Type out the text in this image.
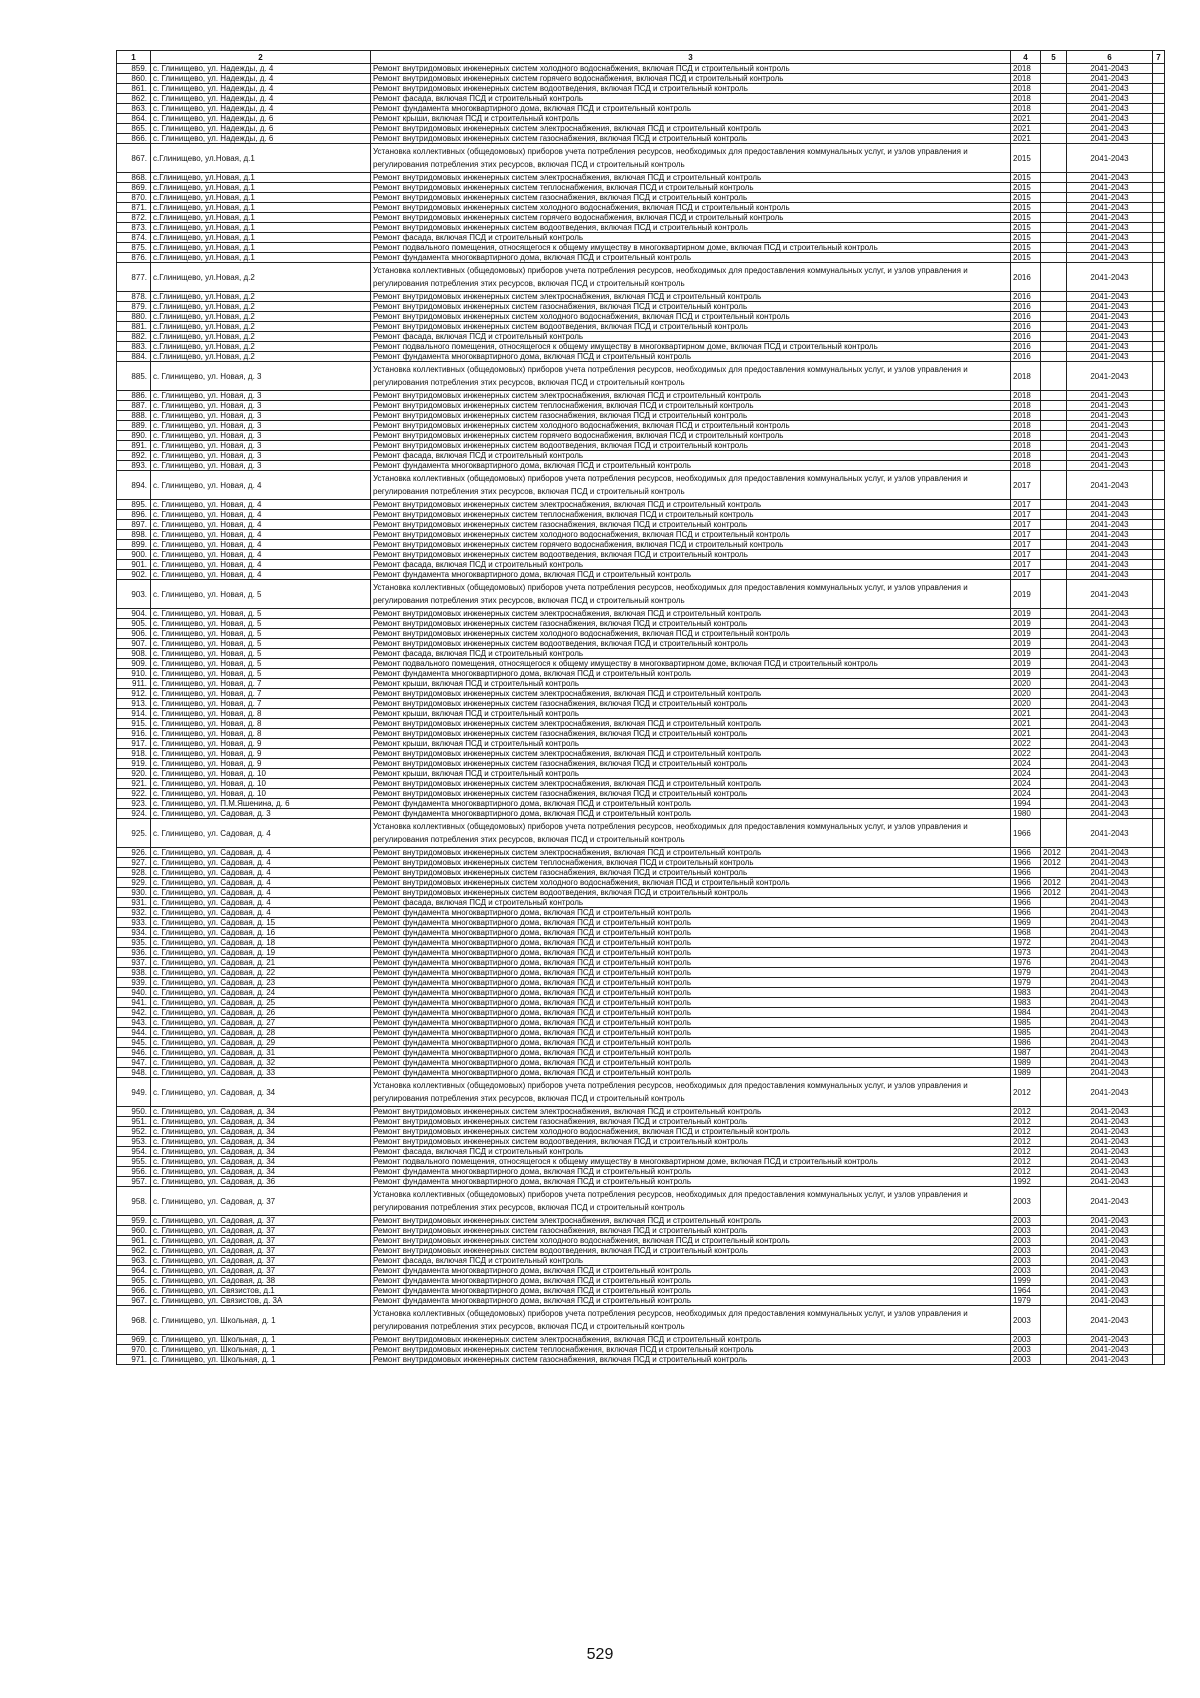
1	2	3	4	5	6	7
859.	с. Глинищево, ул. Надежды, д. 4	Ремонт внутридомовых инженерных систем холодного водоснабжения, включая ПСД и строительный контроль	2018		2041-2043	
860.	с. Глинищево, ул. Надежды, д. 4	Ремонт внутридомовых инженерных систем горячего водоснабжения, включая ПСД и строительный контроль	2018		2041-2043	
861.	с. Глинищево, ул. Надежды, д. 4	Ремонт внутридомовых инженерных систем водоотведения, включая ПСД и строительный контроль	2018		2041-2043	
862.	с. Глинищево, ул. Надежды, д. 4	Ремонт фасада, включая ПСД и строительный контроль	2018		2041-2043	
863.	с. Глинищево, ул. Надежды, д. 4	Ремонт фундамента многоквартирного дома, включая ПСД и строительный контроль	2018		2041-2043	
864.	с. Глинищево, ул. Надежды, д. 6	Ремонт крыши, включая ПСД и строительный контроль	2021		2041-2043	
865.	с. Глинищево, ул. Надежды, д. 6	Ремонт внутридомовых инженерных систем электроснабжения, включая ПСД и строительный контроль	2021		2041-2043	
866.	с. Глинищево, ул. Надежды, д. 6	Ремонт внутридомовых инженерных систем газоснабжения, включая ПСД и строительный контроль	2021		2041-2043	
867.	с.Глинищево, ул.Новая, д.1	Установка коллективных (общедомовых) приборов учета потребления ресурсов, необходимых для предоставления коммунальных услуг, и узлов управления и регулирования потребления этих ресурсов, включая ПСД и строительный контроль	2015		2041-2043	
868.	с.Глинищево, ул.Новая, д.1	Ремонт внутридомовых инженерных систем электроснабжения, включая ПСД и строительный контроль	2015		2041-2043	
869.	с.Глинищево, ул.Новая, д.1	Ремонт внутридомовых инженерных систем теплоснабжения, включая ПСД и строительный контроль	2015		2041-2043	
870.	с.Глинищево, ул.Новая, д.1	Ремонт внутридомовых инженерных систем газоснабжения, включая ПСД и строительный контроль	2015		2041-2043	
871.	с.Глинищево, ул.Новая, д.1	Ремонт внутридомовых инженерных систем холодного водоснабжения, включая ПСД и строительный контроль	2015		2041-2043	
872.	с.Глинищево, ул.Новая, д.1	Ремонт внутридомовых инженерных систем горячего водоснабжения, включая ПСД и строительный контроль	2015		2041-2043	
873.	с.Глинищево, ул.Новая, д.1	Ремонт внутридомовых инженерных систем водоотведения, включая ПСД и строительный контроль	2015		2041-2043	
874.	с.Глинищево, ул.Новая, д.1	Ремонт фасада, включая ПСД и строительный контроль	2015		2041-2043	
875.	с.Глинищево, ул.Новая, д.1	Ремонт подвального помещения, относящегося к общему имуществу в многоквартирном доме, включая ПСД и строительный контроль	2015		2041-2043	
876.	с.Глинищево, ул.Новая, д.1	Ремонт фундамента многоквартирного дома, включая ПСД и строительный контроль	2015		2041-2043	
877.	с.Глинищево, ул.Новая, д.2	Установка коллективных (общедомовых) приборов учета потребления ресурсов, необходимых для предоставления коммунальных услуг, и узлов управления и регулирования потребления этих ресурсов, включая ПСД и строительный контроль	2016		2041-2043	
878.	с.Глинищево, ул.Новая, д.2	Ремонт внутридомовых инженерных систем электроснабжения, включая ПСД и строительный контроль	2016		2041-2043	
879.	с.Глинищево, ул.Новая, д.2	Ремонт внутридомовых инженерных систем газоснабжения, включая ПСД и строительный контроль	2016		2041-2043	
880.	с.Глинищево, ул.Новая, д.2	Ремонт внутридомовых инженерных систем холодного водоснабжения, включая ПСД и строительный контроль	2016		2041-2043	
881.	с.Глинищево, ул.Новая, д.2	Ремонт внутридомовых инженерных систем водоотведения, включая ПСД и строительный контроль	2016		2041-2043	
882.	с.Глинищево, ул.Новая, д.2	Ремонт фасада, включая ПСД и строительный контроль	2016		2041-2043	
883.	с.Глинищево, ул.Новая, д.2	Ремонт подвального помещения, относящегося к общему имуществу в многоквартирном доме, включая ПСД и строительный контроль	2016		2041-2043	
884.	с.Глинищево, ул.Новая, д.2	Ремонт фундамента многоквартирного дома, включая ПСД и строительный контроль	2016		2041-2043	
885.	с. Глинищево, ул. Новая, д. 3	Установка коллективных (общедомовых) приборов учета потребления ресурсов, необходимых для предоставления коммунальных услуг, и узлов управления и регулирования потребления этих ресурсов, включая ПСД и строительный контроль	2018		2041-2043	
886.	с. Глинищево, ул. Новая, д. 3	Ремонт внутридомовых инженерных систем электроснабжения, включая ПСД и строительный контроль	2018		2041-2043	
887.	с. Глинищево, ул. Новая, д. 3	Ремонт внутридомовых инженерных систем теплоснабжения, включая ПСД и строительный контроль	2018		2041-2043	
888.	с. Глинищево, ул. Новая, д. 3	Ремонт внутридомовых инженерных систем газоснабжения, включая ПСД и строительный контроль	2018		2041-2043	
889.	с. Глинищево, ул. Новая, д. 3	Ремонт внутридомовых инженерных систем холодного водоснабжения, включая ПСД и строительный контроль	2018		2041-2043	
890.	с. Глинищево, ул. Новая, д. 3	Ремонт внутридомовых инженерных систем горячего водоснабжения, включая ПСД и строительный контроль	2018		2041-2043	
891.	с. Глинищево, ул. Новая, д. 3	Ремонт внутридомовых инженерных систем водоотведения, включая ПСД и строительный контроль	2018		2041-2043	
892.	с. Глинищево, ул. Новая, д. 3	Ремонт фасада, включая ПСД и строительный контроль	2018		2041-2043	
893.	с. Глинищево, ул. Новая, д. 3	Ремонт фундамента многоквартирного дома, включая ПСД и строительный контроль	2018		2041-2043	
894.	с. Глинищево, ул. Новая, д. 4	Установка коллективных (общедомовых) приборов учета потребления ресурсов, необходимых для предоставления коммунальных услуг, и узлов управления и регулирования потребления этих ресурсов, включая ПСД и строительный контроль	2017		2041-2043	
895.	с. Глинищево, ул. Новая, д. 4	Ремонт внутридомовых инженерных систем электроснабжения, включая ПСД и строительный контроль	2017		2041-2043	
896.	с. Глинищево, ул. Новая, д. 4	Ремонт внутридомовых инженерных систем теплоснабжения, включая ПСД и строительный контроль	2017		2041-2043	
897.	с. Глинищево, ул. Новая, д. 4	Ремонт внутридомовых инженерных систем газоснабжения, включая ПСД и строительный контроль	2017		2041-2043	
898.	с. Глинищево, ул. Новая, д. 4	Ремонт внутридомовых инженерных систем холодного водоснабжения, включая ПСД и строительный контроль	2017		2041-2043	
899.	с. Глинищево, ул. Новая, д. 4	Ремонт внутридомовых инженерных систем горячего водоснабжения, включая ПСД и строительный контроль	2017		2041-2043	
900.	с. Глинищево, ул. Новая, д. 4	Ремонт внутридомовых инженерных систем водоотведения, включая ПСД и строительный контроль	2017		2041-2043	
901.	с. Глинищево, ул. Новая, д. 4	Ремонт фасада, включая ПСД и строительный контроль	2017		2041-2043	
902.	с. Глинищево, ул. Новая, д. 4	Ремонт фундамента многоквартирного дома, включая ПСД и строительный контроль	2017		2041-2043	
903.	с. Глинищево, ул. Новая, д. 5	Установка коллективных (общедомовых) приборов учета потребления ресурсов, необходимых для предоставления коммунальных услуг, и узлов управления и регулирования потребления этих ресурсов, включая ПСД и строительный контроль	2019		2041-2043	
904.	с. Глинищево, ул. Новая, д. 5	Ремонт внутридомовых инженерных систем электроснабжения, включая ПСД и строительный контроль	2019		2041-2043	
905.	с. Глинищево, ул. Новая, д. 5	Ремонт внутридомовых инженерных систем газоснабжения, включая ПСД и строительный контроль	2019		2041-2043	
906.	с. Глинищево, ул. Новая, д. 5	Ремонт внутридомовых инженерных систем холодного водоснабжения, включая ПСД и строительный контроль	2019		2041-2043	
907.	с. Глинищево, ул. Новая, д. 5	Ремонт внутридомовых инженерных систем водоотведения, включая ПСД и строительный контроль	2019		2041-2043	
908.	с. Глинищево, ул. Новая, д. 5	Ремонт фасада, включая ПСД и строительный контроль	2019		2041-2043	
909.	с. Глинищево, ул. Новая, д. 5	Ремонт подвального помещения, относящегося к общему имуществу в многоквартирном доме, включая ПСД и строительный контроль	2019		2041-2043	
910.	с. Глинищево, ул. Новая, д. 5	Ремонт фундамента многоквартирного дома, включая ПСД и строительный контроль	2019		2041-2043	
911.	с. Глинищево, ул. Новая, д. 7	Ремонт крыши, включая ПСД и строительный контроль	2020		2041-2043	
912.	с. Глинищево, ул. Новая, д. 7	Ремонт внутридомовых инженерных систем электроснабжения, включая ПСД и строительный контроль	2020		2041-2043	
913.	с. Глинищево, ул. Новая, д. 7	Ремонт внутридомовых инженерных систем газоснабжения, включая ПСД и строительный контроль	2020		2041-2043	
914.	с. Глинищево, ул. Новая, д. 8	Ремонт крыши, включая ПСД и строительный контроль	2021		2041-2043	
915.	с. Глинищево, ул. Новая, д. 8	Ремонт внутридомовых инженерных систем электроснабжения, включая ПСД и строительный контроль	2021		2041-2043	
916.	с. Глинищево, ул. Новая, д. 8	Ремонт внутридомовых инженерных систем газоснабжения, включая ПСД и строительный контроль	2021		2041-2043	
917.	с. Глинищево, ул. Новая, д. 9	Ремонт крыши, включая ПСД и строительный контроль	2022		2041-2043	
918.	с. Глинищево, ул. Новая, д. 9	Ремонт внутридомовых инженерных систем электроснабжения, включая ПСД и строительный контроль	2022		2041-2043	
919.	с. Глинищево, ул. Новая, д. 9	Ремонт внутридомовых инженерных систем газоснабжения, включая ПСД и строительный контроль	2024		2041-2043	
920.	с. Глинищево, ул. Новая, д. 10	Ремонт крыши, включая ПСД и строительный контроль	2024		2041-2043	
921.	с. Глинищево, ул. Новая, д. 10	Ремонт внутридомовых инженерных систем электроснабжения, включая ПСД и строительный контроль	2024		2041-2043	
922.	с. Глинищево, ул. Новая, д. 10	Ремонт внутридомовых инженерных систем газоснабжения, включая ПСД и строительный контроль	2024		2041-2043	
923.	с. Глинищево, ул. П.М.Яшенина, д. 6	Ремонт фундамента многоквартирного дома, включая ПСД и строительный контроль	1994		2041-2043	
924.	с. Глинищево, ул. Садовая, д. 3	Ремонт фундамента многоквартирного дома, включая ПСД и строительный контроль	1980		2041-2043	
925.	с. Глинищево, ул. Садовая, д. 4	Установка коллективных (общедомовых) приборов учета потребления ресурсов, необходимых для предоставления коммунальных услуг, и узлов управления и регулирования потребления этих ресурсов, включая ПСД и строительный контроль	1966		2041-2043	
926.	с. Глинищево, ул. Садовая, д. 4	Ремонт внутридомовых инженерных систем электроснабжения, включая ПСД и строительный контроль	1966	2012	2041-2043	
927.	с. Глинищево, ул. Садовая, д. 4	Ремонт внутридомовых инженерных систем теплоснабжения, включая ПСД и строительный контроль	1966	2012	2041-2043	
928.	с. Глинищево, ул. Садовая, д. 4	Ремонт внутридомовых инженерных систем газоснабжения, включая ПСД и строительный контроль	1966		2041-2043	
929.	с. Глинищево, ул. Садовая, д. 4	Ремонт внутридомовых инженерных систем холодного водоснабжения, включая ПСД и строительный контроль	1966	2012	2041-2043	
930.	с. Глинищево, ул. Садовая, д. 4	Ремонт внутридомовых инженерных систем водоотведения, включая ПСД и строительный контроль	1966	2012	2041-2043	
931.	с. Глинищево, ул. Садовая, д. 4	Ремонт фасада, включая ПСД и строительный контроль	1966		2041-2043	
932.	с. Глинищево, ул. Садовая, д. 4	Ремонт фундамента многоквартирного дома, включая ПСД и строительный контроль	1966		2041-2043	
933.	с. Глинищево, ул. Садовая, д. 15	Ремонт фундамента многоквартирного дома, включая ПСД и строительный контроль	1969		2041-2043	
934.	с. Глинищево, ул. Садовая, д. 16	Ремонт фундамента многоквартирного дома, включая ПСД и строительный контроль	1968		2041-2043	
935.	с. Глинищево, ул. Садовая, д. 18	Ремонт фундамента многоквартирного дома, включая ПСД и строительный контроль	1972		2041-2043	
936.	с. Глинищево, ул. Садовая, д. 19	Ремонт фундамента многоквартирного дома, включая ПСД и строительный контроль	1973		2041-2043	
937.	с. Глинищево, ул. Садовая, д. 21	Ремонт фундамента многоквартирного дома, включая ПСД и строительный контроль	1976		2041-2043	
938.	с. Глинищево, ул. Садовая, д. 22	Ремонт фундамента многоквартирного дома, включая ПСД и строительный контроль	1979		2041-2043	
939.	с. Глинищево, ул. Садовая, д. 23	Ремонт фундамента многоквартирного дома, включая ПСД и строительный контроль	1979		2041-2043	
940.	с. Глинищево, ул. Садовая, д. 24	Ремонт фундамента многоквартирного дома, включая ПСД и строительный контроль	1983		2041-2043	
941.	с. Глинищево, ул. Садовая, д. 25	Ремонт фундамента многоквартирного дома, включая ПСД и строительный контроль	1983		2041-2043	
942.	с. Глинищево, ул. Садовая, д. 26	Ремонт фундамента многоквартирного дома, включая ПСД и строительный контроль	1984		2041-2043	
943.	с. Глинищево, ул. Садовая, д. 27	Ремонт фундамента многоквартирного дома, включая ПСД и строительный контроль	1985		2041-2043	
944.	с. Глинищево, ул. Садовая, д. 28	Ремонт фундамента многоквартирного дома, включая ПСД и строительный контроль	1985		2041-2043	
945.	с. Глинищево, ул. Садовая, д. 29	Ремонт фундамента многоквартирного дома, включая ПСД и строительный контроль	1986		2041-2043	
946.	с. Глинищево, ул. Садовая, д. 31	Ремонт фундамента многоквартирного дома, включая ПСД и строительный контроль	1987		2041-2043	
947.	с. Глинищево, ул. Садовая, д. 32	Ремонт фундамента многоквартирного дома, включая ПСД и строительный контроль	1989		2041-2043	
948.	с. Глинищево, ул. Садовая, д. 33	Ремонт фундамента многоквартирного дома, включая ПСД и строительный контроль	1989		2041-2043	
949.	с. Глинищево, ул. Садовая, д. 34	Установка коллективных (общедомовых) приборов учета потребления ресурсов, необходимых для предоставления коммунальных услуг, и узлов управления и регулирования потребления этих ресурсов, включая ПСД и строительный контроль	2012		2041-2043	
950.	с. Глинищево, ул. Садовая, д. 34	Ремонт внутридомовых инженерных систем электроснабжения, включая ПСД и строительный контроль	2012		2041-2043	
951.	с. Глинищево, ул. Садовая, д. 34	Ремонт внутридомовых инженерных систем газоснабжения, включая ПСД и строительный контроль	2012		2041-2043	
952.	с. Глинищево, ул. Садовая, д. 34	Ремонт внутридомовых инженерных систем холодного водоснабжения, включая ПСД и строительный контроль	2012		2041-2043	
953.	с. Глинищево, ул. Садовая, д. 34	Ремонт внутридомовых инженерных систем водоотведения, включая ПСД и строительный контроль	2012		2041-2043	
954.	с. Глинищево, ул. Садовая, д. 34	Ремонт фасада, включая ПСД и строительный контроль	2012		2041-2043	
955.	с. Глинищево, ул. Садовая, д. 34	Ремонт подвального помещения, относящегося к общему имуществу в многоквартирном доме, включая ПСД и строительный контроль	2012		2041-2043	
956.	с. Глинищево, ул. Садовая, д. 34	Ремонт фундамента многоквартирного дома, включая ПСД и строительный контроль	2012		2041-2043	
957.	с. Глинищево, ул. Садовая, д. 36	Ремонт фундамента многоквартирного дома, включая ПСД и строительный контроль	1992		2041-2043	
958.	с. Глинищево, ул. Садовая, д. 37	Установка коллективных (общедомовых) приборов учета потребления ресурсов, необходимых для предоставления коммунальных услуг, и узлов управления и регулирования потребления этих ресурсов, включая ПСД и строительный контроль	2003		2041-2043	
959.	с. Глинищево, ул. Садовая, д. 37	Ремонт внутридомовых инженерных систем электроснабжения, включая ПСД и строительный контроль	2003		2041-2043	
960.	с. Глинищево, ул. Садовая, д. 37	Ремонт внутридомовых инженерных систем газоснабжения, включая ПСД и строительный контроль	2003		2041-2043	
961.	с. Глинищево, ул. Садовая, д. 37	Ремонт внутридомовых инженерных систем холодного водоснабжения, включая ПСД и строительный контроль	2003		2041-2043	
962.	с. Глинищево, ул. Садовая, д. 37	Ремонт внутридомовых инженерных систем водоотведения, включая ПСД и строительный контроль	2003		2041-2043	
963.	с. Глинищево, ул. Садовая, д. 37	Ремонт фасада, включая ПСД и строительный контроль	2003		2041-2043	
964.	с. Глинищево, ул. Садовая, д. 37	Ремонт фундамента многоквартирного дома, включая ПСД и строительный контроль	2003		2041-2043	
965.	с. Глинищево, ул. Садовая, д. 38	Ремонт фундамента многоквартирного дома, включая ПСД и строительный контроль	1999		2041-2043	
966.	с. Глинищево, ул. Связистов, д.1	Ремонт фундамента многоквартирного дома, включая ПСД и строительный контроль	1964		2041-2043	
967.	с. Глинищево, ул. Связистов, д. 3А	Ремонт фундамента многоквартирного дома, включая ПСД и строительный контроль	1979		2041-2043	
968.	с. Глинищево, ул. Школьная, д. 1	Установка коллективных (общедомовых) приборов учета потребления ресурсов, необходимых для предоставления коммунальных услуг, и узлов управления и регулирования потребления этих ресурсов, включая ПСД и строительный контроль	2003		2041-2043	
969.	с. Глинищево, ул. Школьная, д. 1	Ремонт внутридомовых инженерных систем электроснабжения, включая ПСД и строительный контроль	2003		2041-2043	
970.	с. Глинищево, ул. Школьная, д. 1	Ремонт внутридомовых инженерных систем теплоснабжения, включая ПСД и строительный контроль	2003		2041-2043	
971.	с. Глинищево, ул. Школьная, д. 1	Ремонт внутридомовых инженерных систем газоснабжения, включая ПСД и строительный контроль	2003		2041-2043	
529
